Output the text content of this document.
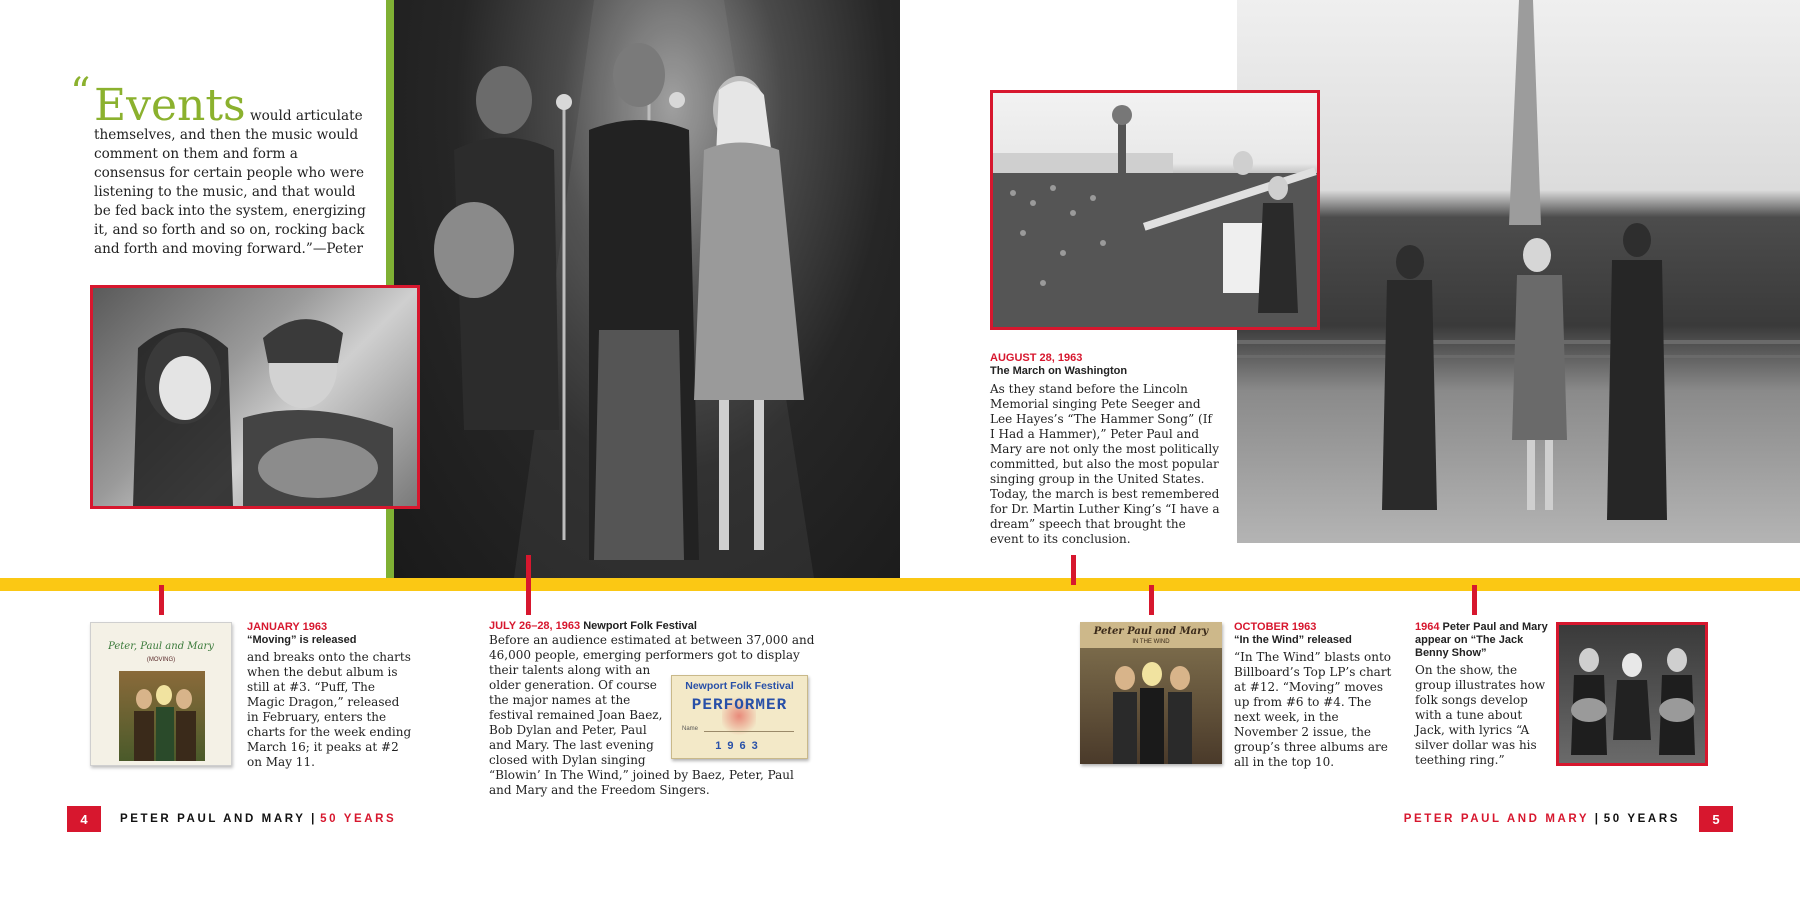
“ Events would articulate themselves, and then the music would comment on them and form a consensus for certain people who were listening to the music, and that would be fed back into the system, energizing it, and so forth and so on, rocking back and forth and moving forward.”—Peter
AUGUST 28, 1963
The March on Washington
As they stand before the Lincoln Memorial singing Pete Seeger and Lee Hayes’s “The Hammer Song” (If I Had a Hammer),” Peter Paul and Mary are not only the most politically committed, but also the most popular singing group in the United States. Today, the march is best remembered for Dr. Martin Luther King’s “I have a dream” speech that brought the event to its conclusion.
Peter, Paul and Mary
(MOVING)
JANUARY 1963
“Moving” is released
and breaks onto the charts when the debut album is still at #3. “Puff, The Magic Dragon,” released in February, enters the charts for the week ending March 16; it peaks at #2 on May 11.
JULY 26–28, 1963 Newport Folk Festival
Before an audience estimated at between 37,000 and 46,000 people, emerging performers got to display
their talents along with an older generation. Of course the major names at the festival remained Joan Baez, Bob Dylan and Peter, Paul and Mary. The last evening closed with Dylan singing
“Blowin’ In The Wind,” joined by Baez, Peter, Paul and Mary and the Freedom Singers.
Newport Folk Festival
PERFORMER
Name
1963
Peter Paul and Mary
IN THE WIND
OCTOBER 1963
“In the Wind” released
“In The Wind” blasts onto Billboard’s Top LP’s chart at #12. “Moving” moves up from #6 to #4. The next week, in the November 2 issue, the group’s three albums are all in the top 10.
1964 Peter Paul and Mary appear on “The Jack Benny Show”
On the show, the group illustrates how folk songs develop with a tune about Jack, with lyrics “A silver dollar was his teething ring.”
4	PETER PAUL AND MARY | 50 YEARS	PETER PAUL AND MARY | 50 YEARS	5
